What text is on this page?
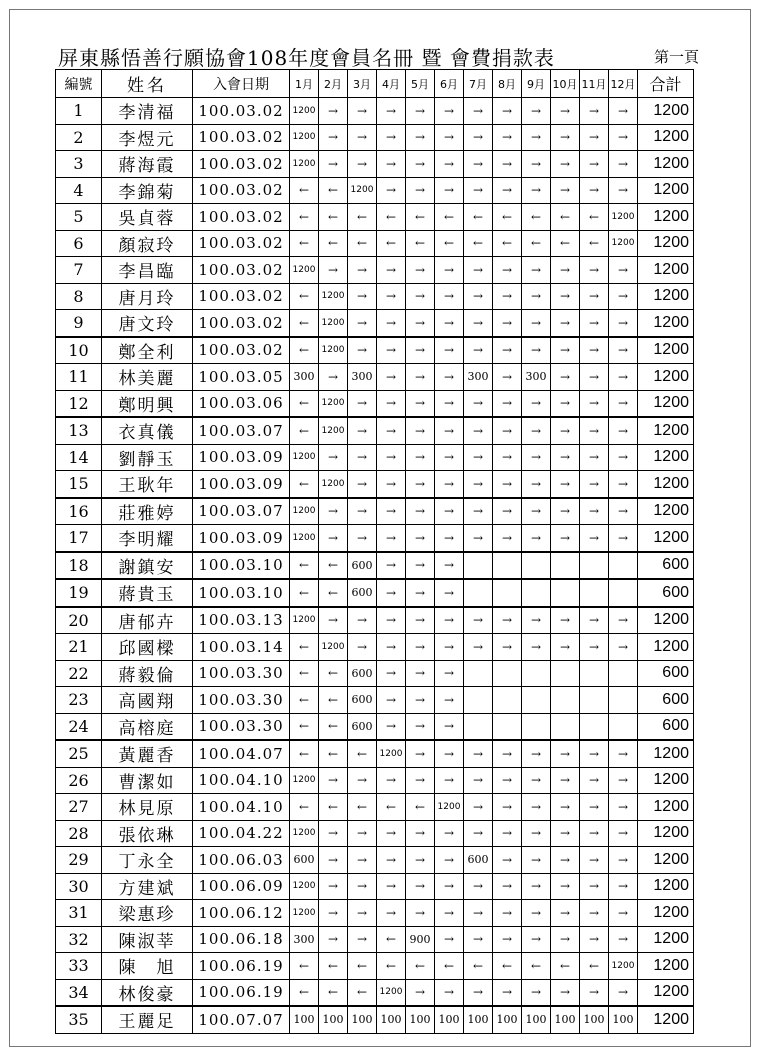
屏東縣悟善行願協會108年度會員名冊 暨 會費捐款表	第一頁
編號	姓名	入會日期	1月	2月	3月	4月	5月	6月	7月	8月	9月	10月	11月	12月	合計
1	李清福	100.03.02	1200	→	→	→	→	→	→	→	→	→	→	→	1200
2	李煜元	100.03.02	1200	→	→	→	→	→	→	→	→	→	→	→	1200
3	蔣海霞	100.03.02	1200	→	→	→	→	→	→	→	→	→	→	→	1200
4	李錦菊	100.03.02	←	←	1200	→	→	→	→	→	→	→	→	→	1200
5	吳貞蓉	100.03.02	←	←	←	←	←	←	←	←	←	←	←	1200	1200
6	顏寂玲	100.03.02	←	←	←	←	←	←	←	←	←	←	←	1200	1200
7	李昌臨	100.03.02	1200	→	→	→	→	→	→	→	→	→	→	→	1200
8	唐月玲	100.03.02	←	1200	→	→	→	→	→	→	→	→	→	→	1200
9	唐文玲	100.03.02	←	1200	→	→	→	→	→	→	→	→	→	→	1200
10	鄭全利	100.03.02	←	1200	→	→	→	→	→	→	→	→	→	→	1200
11	林美麗	100.03.05	300	→	300	→	→	→	300	→	300	→	→	→	1200
12	鄭明興	100.03.06	←	1200	→	→	→	→	→	→	→	→	→	→	1200
13	衣真儀	100.03.07	←	1200	→	→	→	→	→	→	→	→	→	→	1200
14	劉靜玉	100.03.09	1200	→	→	→	→	→	→	→	→	→	→	→	1200
15	王耿年	100.03.09	←	1200	→	→	→	→	→	→	→	→	→	→	1200
16	莊雅婷	100.03.07	1200	→	→	→	→	→	→	→	→	→	→	→	1200
17	李明耀	100.03.09	1200	→	→	→	→	→	→	→	→	→	→	→	1200
18	謝鎮安	100.03.10	←	←	600	→	→	→							600
19	蔣貴玉	100.03.10	←	←	600	→	→	→							600
20	唐郁卉	100.03.13	1200	→	→	→	→	→	→	→	→	→	→	→	1200
21	邱國樑	100.03.14	←	1200	→	→	→	→	→	→	→	→	→	→	1200
22	蔣毅倫	100.03.30	←	←	600	→	→	→							600
23	高國翔	100.03.30	←	←	600	→	→	→							600
24	高榕庭	100.03.30	←	←	600	→	→	→							600
25	黃麗香	100.04.07	←	←	←	1200	→	→	→	→	→	→	→	→	1200
26	曹潔如	100.04.10	1200	→	→	→	→	→	→	→	→	→	→	→	1200
27	林見原	100.04.10	←	←	←	←	←	1200	→	→	→	→	→	→	1200
28	張依琳	100.04.22	1200	→	→	→	→	→	→	→	→	→	→	→	1200
29	丁永全	100.06.03	600	→	→	→	→	→	600	→	→	→	→	→	1200
30	方建斌	100.06.09	1200	→	→	→	→	→	→	→	→	→	→	→	1200
31	梁惠珍	100.06.12	1200	→	→	→	→	→	→	→	→	→	→	→	1200
32	陳淑莘	100.06.18	300	→	→	←	900	→	→	→	→	→	→	→	1200
33	陳　旭	100.06.19	←	←	←	←	←	←	←	←	←	←	←	1200	1200
34	林俊豪	100.06.19	←	←	←	1200	→	→	→	→	→	→	→	→	1200
35	王麗足	100.07.07	100	100	100	100	100	100	100	100	100	100	100	100	1200
